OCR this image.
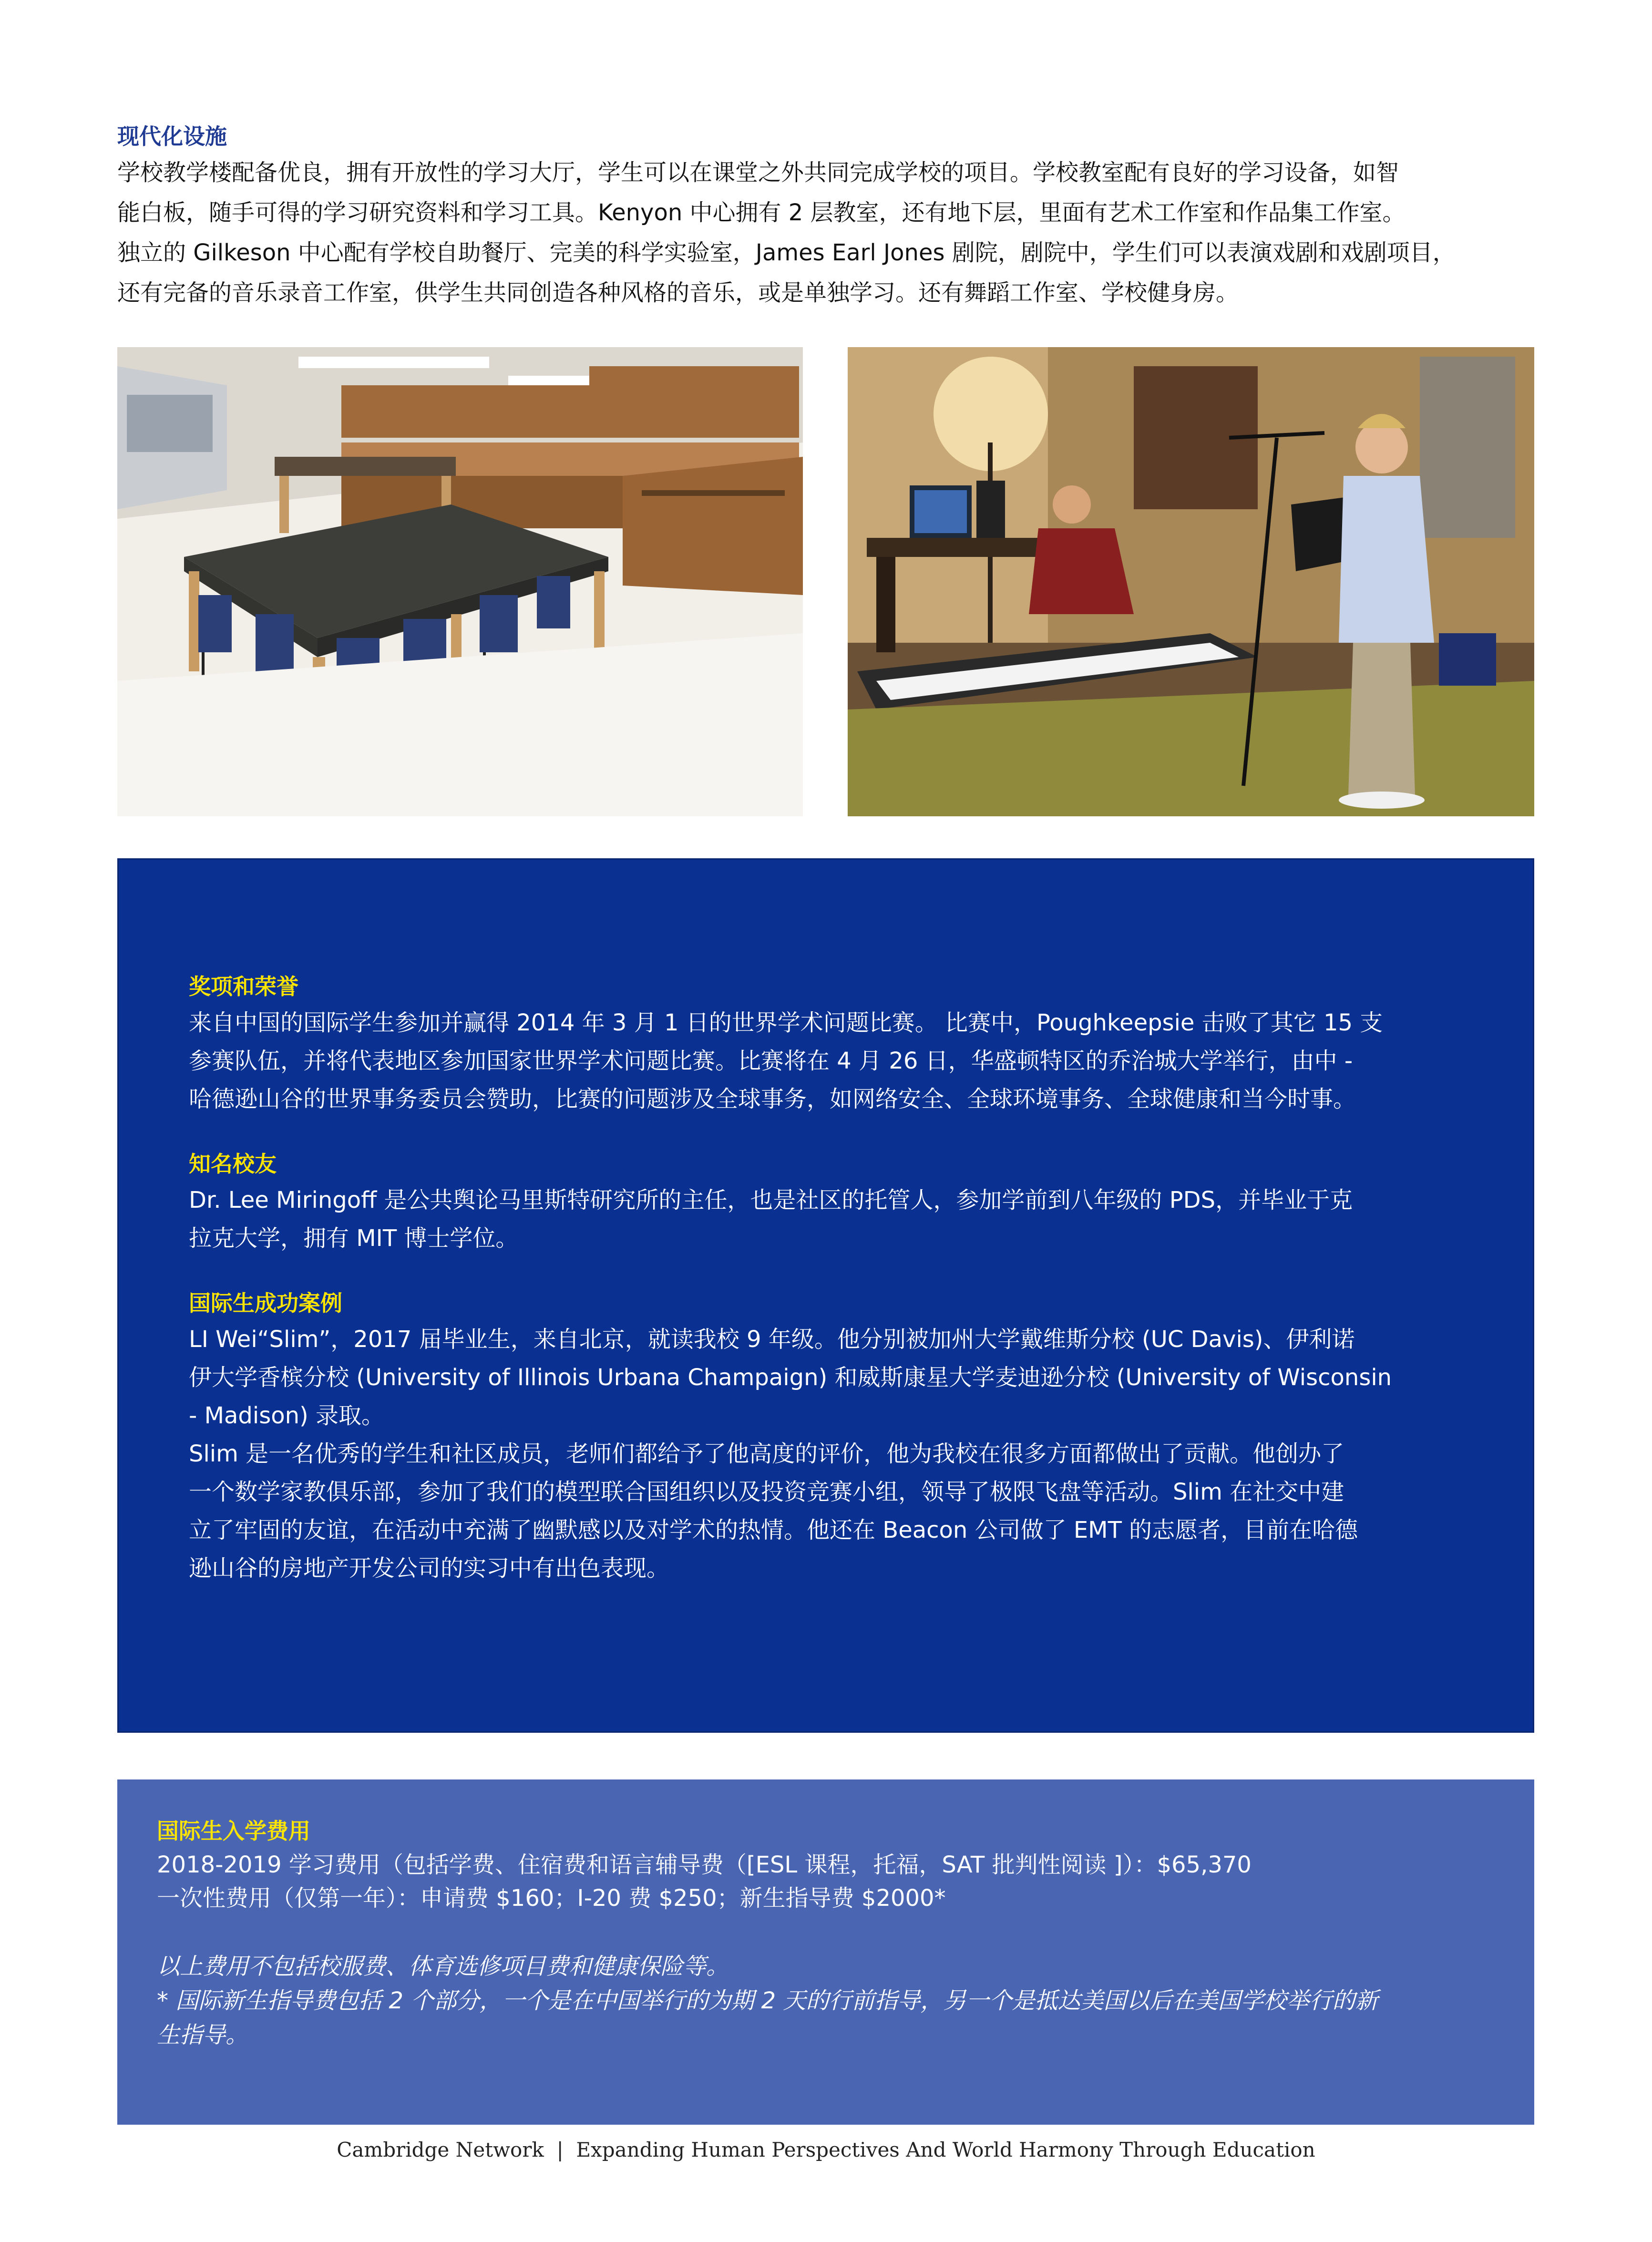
现代化设施
学校教学楼配备优良，拥有开放性的学习大厅，学生可以在课堂之外共同完成学校的项目。学校教室配有良好的学习设备，如智
能白板，随手可得的学习研究资料和学习工具。Kenyon 中心拥有 2 层教室，还有地下层，里面有艺术工作室和作品集工作室。
独立的 Gilkeson 中心配有学校自助餐厅、完美的科学实验室，James Earl Jones 剧院，剧院中，学生们可以表演戏剧和戏剧项目，
还有完备的音乐录音工作室，供学生共同创造各种风格的音乐，或是单独学习。还有舞蹈工作室、学校健身房。
奖项和荣誉
来自中国的国际学生参加并赢得 2014 年 3 月 1 日的世界学术问题比赛。 比赛中，Poughkeepsie 击败了其它 15 支
参赛队伍，并将代表地区参加国家世界学术问题比赛。比赛将在 4 月 26 日，华盛顿特区的乔治城大学举行，由中 -
哈德逊山谷的世界事务委员会赞助，比赛的问题涉及全球事务，如网络安全、全球环境事务、全球健康和当今时事。
知名校友
Dr. Lee Miringoff 是公共舆论马里斯特研究所的主任，也是社区的托管人，参加学前到八年级的 PDS，并毕业于克
拉克大学，拥有 MIT 博士学位。
国际生成功案例
LI Wei“Slim”，2017 届毕业生，来自北京，就读我校 9 年级。他分别被加州大学戴维斯分校 (UC Davis)、伊利诺
伊大学香槟分校 (University of Illinois Urbana Champaign) 和威斯康星大学麦迪逊分校 (University of Wisconsin
- Madison) 录取。
Slim 是一名优秀的学生和社区成员，老师们都给予了他高度的评价，他为我校在很多方面都做出了贡献。他创办了
一个数学家教俱乐部，参加了我们的模型联合国组织以及投资竞赛小组，领导了极限飞盘等活动。Slim 在社交中建
立了牢固的友谊，在活动中充满了幽默感以及对学术的热情。他还在 Beacon 公司做了 EMT 的志愿者，目前在哈德
逊山谷的房地产开发公司的实习中有出色表现。
国际生入学费用

2018-2019 学习费用（包括学费、住宿费和语言辅导费（[ESL 课程，托福，SAT 批判性阅读 ]）：$65,370

一次性费用（仅第一年）：申请费 $160；I-20 费 $250；新生指导费 $2000*

以上费用不包括校服费、体育选修项目费和健康保险等。

* 国际新生指导费包括 2 个部分，一个是在中国举行的为期 2 天的行前指导，另一个是抵达美国以后在美国学校举行的新

生指导。

Cambridge Network  |  Expanding Human Perspectives And World Harmony Through Education
